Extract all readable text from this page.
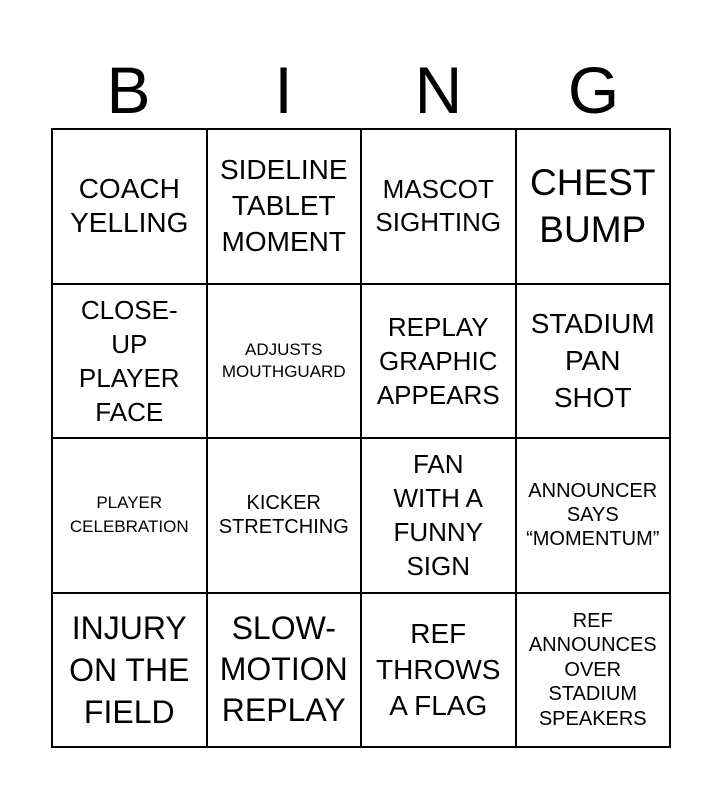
B	I	N	G
COACH
YELLING
SIDELINE
TABLET
MOMENT
MASCOT
SIGHTING
CHEST
BUMP
CLOSE-
UP
PLAYER
FACE
ADJUSTS
MOUTHGUARD
REPLAY
GRAPHIC
APPEARS
STADIUM
PAN
SHOT
PLAYER
CELEBRATION
KICKER
STRETCHING
FAN
WITH A
FUNNY
SIGN
ANNOUNCER
SAYS
“MOMENTUM”
INJURY
ON THE
FIELD
SLOW-
MOTION
REPLAY
REF
THROWS
A FLAG
REF
ANNOUNCES
OVER
STADIUM
SPEAKERS
